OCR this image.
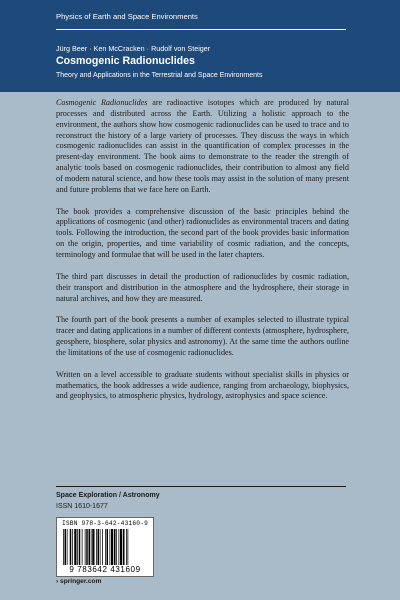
Physics of Earth and Space Environments
Jürg Beer · Ken McCracken · Rudolf von Steiger
Cosmogenic Radionuclides
Theory and Applications in the Terrestrial and Space Environments

Cosmogenic Radionuclides are radioactive isotopes which are produced by natural processes and distributed across the Earth. Utilizing a holistic approach to the environment, the authors show how cosmogenic radionuclides can be used to trace and to reconstruct the history of a large variety of processes. They discuss the ways in which cosmogenic radionuclides can assist in the quantification of complex processes in the present-day environment. The book aims to demonstrate to the reader the strength of analytic tools based on cosmogenic radionuclides, their contribution to almost any field of modern natural science, and how these tools may assist in the solution of many present and future problems that we face here on Earth.

The book provides a comprehensive discussion of the basic principles behind the applications of cosmogenic (and other) radionuclides as environmental tracers and dating tools. Following the introduction, the second part of the book provides basic information on the origin, properties, and time variability of cosmic radiation, and the concepts, terminology and formulae that will be used in the later chapters.

The third part discusses in detail the production of radionuclides by cosmic radiation, their transport and distribution in the atmosphere and the hydrosphere, their storage in natural archives, and how they are measured.

The fourth part of the book presents a number of examples selected to illustrate typical tracer and dating applications in a number of different contexts (atmosphere, hydrosphere, geosphere, biosphere, solar physics and astronomy). At the same time the authors outline the limitations of the use of cosmogenic radionuclides.

Written on a level accessible to graduate students without specialist skills in physics or mathematics, the book addresses a wide audience, ranging from archaeology, biophysics, and geophysics, to atmospheric physics, hydrology, astrophysics and space science.

Space Exploration / Astronomy
ISSN 1610-1677
ISBN 978-3-642-43160-9
9 783642 431609
› springer.com
